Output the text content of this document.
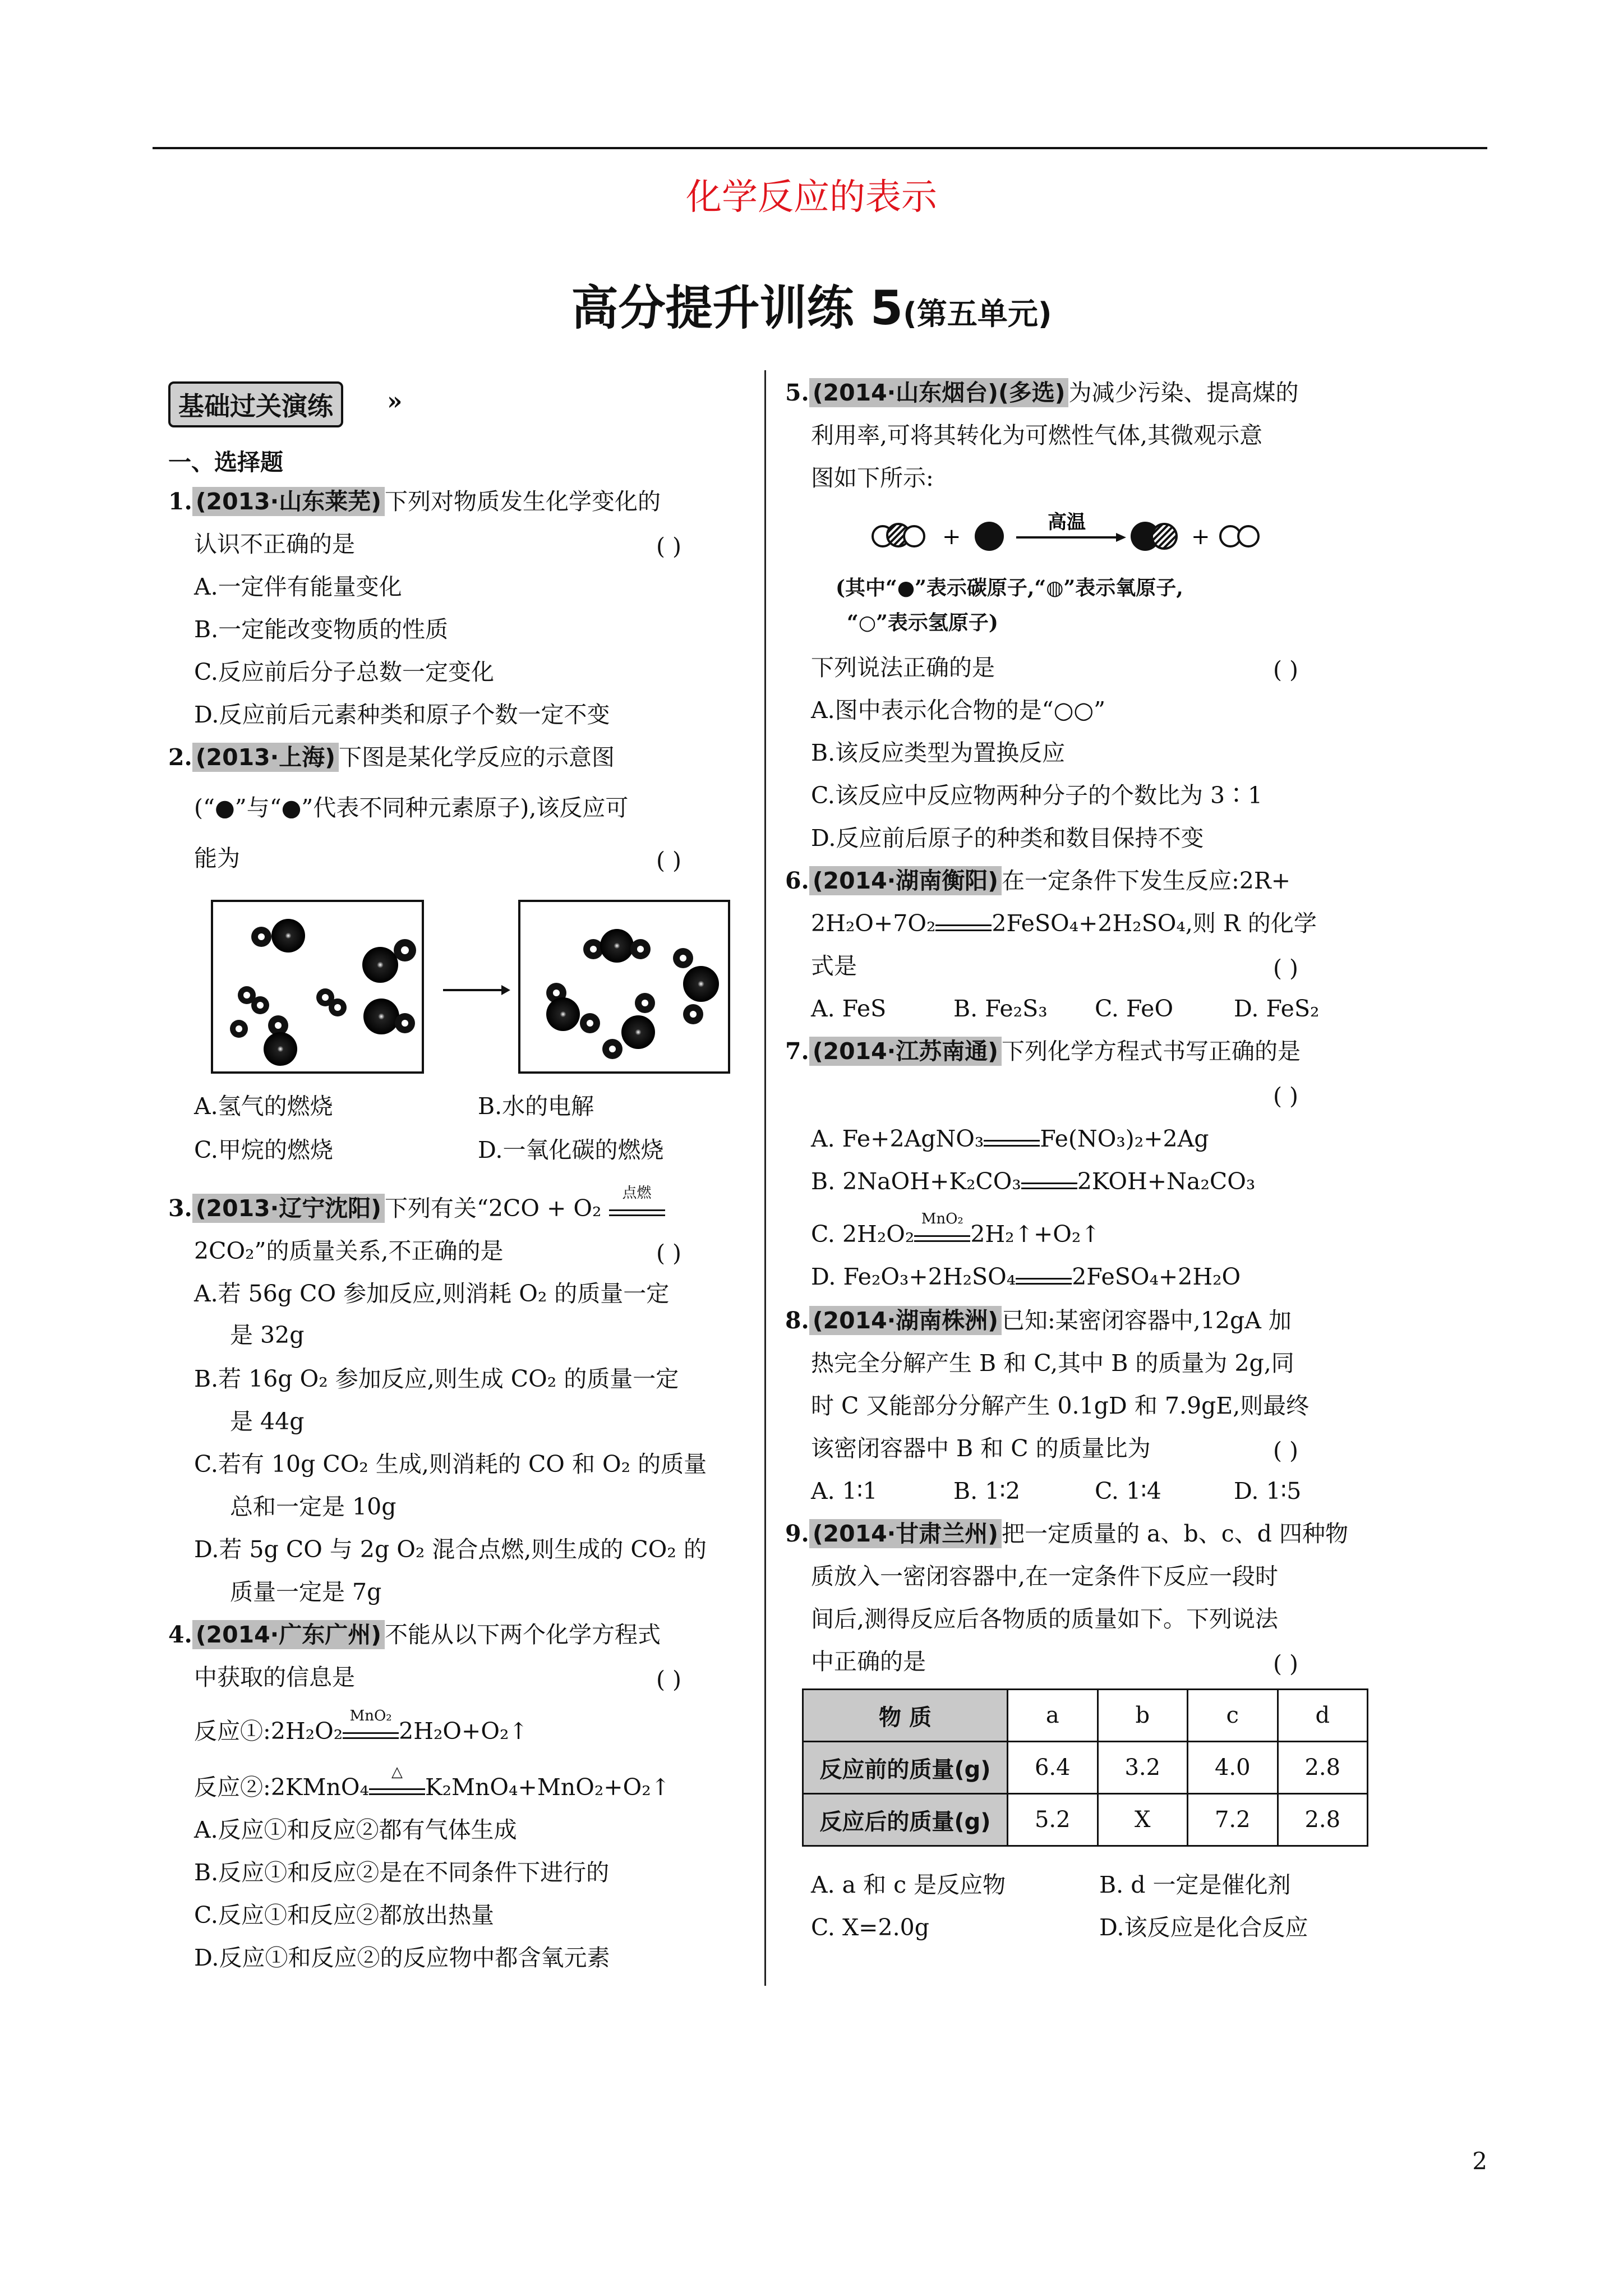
化学反应的表示
高分提升训练 5(第五单元)
基础过关演练	»
一、选择题
1. (2013·山东莱芜) 下列对物质发生化学变化的
认识不正确的是	( )
A.一定伴有能量变化
B.一定能改变物质的性质
C.反应前后分子总数一定变化
D.反应前后元素种类和原子个数一定不变
2. (2013·上海) 下图是某化学反应的示意图
(“●”与“●”代表不同种元素原子),该反应可
能为	( )
A.氢气的燃烧	B.水的电解
C.甲烷的燃烧	D.一氧化碳的燃烧
3. (2013·辽宁沈阳) 下列有关“2CO + O₂
点燃
2CO₂”的质量关系,不正确的是	( )
A.若 56g CO 参加反应,则消耗 O₂ 的质量一定
是 32g
B.若 16g O₂ 参加反应,则生成 CO₂ 的质量一定
是 44g
C.若有 10g CO₂ 生成,则消耗的 CO 和 O₂ 的质量
总和一定是 10g
D.若 5g CO 与 2g O₂ 混合点燃,则生成的 CO₂ 的
质量一定是 7g
4. (2014·广东广州) 不能从以下两个化学方程式
中获取的信息是	( )
反应①:2H₂O₂
MnO₂
2H₂O+O₂↑
反应②:2KMnO₄
△
K₂MnO₄+MnO₂+O₂↑
A.反应①和反应②都有气体生成
B.反应①和反应②是在不同条件下进行的
C.反应①和反应②都放出热量
D.反应①和反应②的反应物中都含氧元素
5. (2014·山东烟台)(多选) 为减少污染、提高煤的
利用率,可将其转化为可燃性气体,其微观示意
图如下所示:
+
高温
+
(其中“●”表示碳原子,“◍”表示氧原子,
“○”表示氢原子)
下列说法正确的是	( )
A.图中表示化合物的是“○○”
B.该反应类型为置换反应
C.该反应中反应物两种分子的个数比为 3∶1
D.反应前后原子的种类和数目保持不变
6. (2014·湖南衡阳) 在一定条件下发生反应:2R+
2H₂O+7O₂ 2FeSO₄+2H₂SO₄,则 R 的化学
式是	( )
A. FeS	B. Fe₂S₃ C. FeO	D. FeS₂
7. (2014·江苏南通) 下列化学方程式书写正确的是
( )
A. Fe+2AgNO₃ Fe(NO₃)₂+2Ag
B. 2NaOH+K₂CO₃ 2KOH+Na₂CO₃
C. 2H₂O₂
MnO₂
2H₂↑+O₂↑
D. Fe₂O₃+2H₂SO₄ 2FeSO₄+2H₂O
8. (2014·湖南株洲) 已知:某密闭容器中,12gA 加
热完全分解产生 B 和 C,其中 B 的质量为 2g,同
时 C 又能部分分解产生 0.1gD 和 7.9gE,则最终
该密闭容器中 B 和 C 的质量比为	( )
A. 1∶1	B. 1∶2	C. 1∶4	D. 1∶5
9. (2014·甘肃兰州) 把一定质量的 a、b、c、d 四种物
质放入一密闭容器中,在一定条件下反应一段时
间后,测得反应后各物质的质量如下。下列说法
中正确的是	( )
物 质	a	b	c	d
反应前的质量(g)	6.4	3.2	4.0	2.8
反应后的质量(g)	5.2	X	7.2	2.8
A. a 和 c 是反应物	B. d 一定是催化剂
C. X=2.0g	D.该反应是化合反应
2
